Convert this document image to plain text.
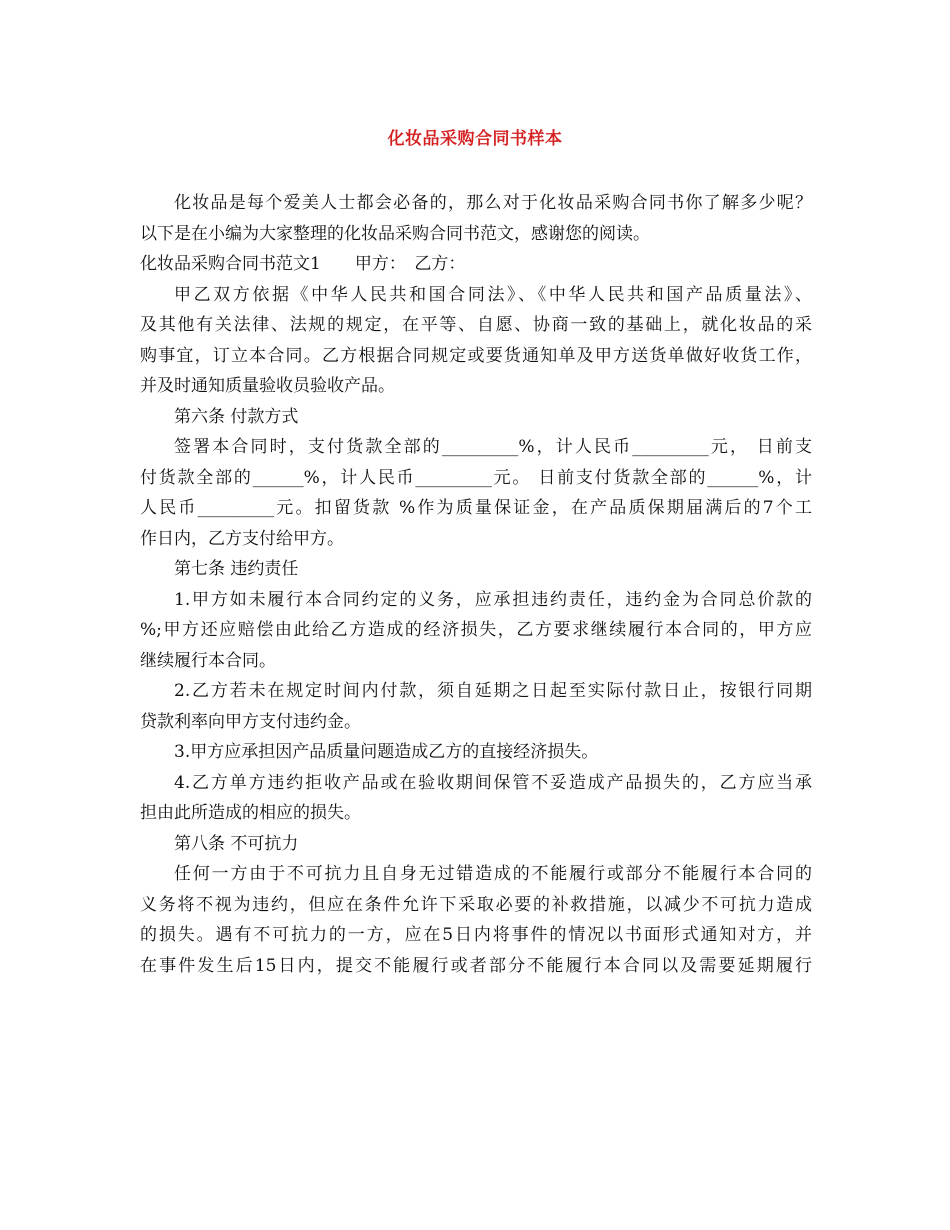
化妆品采购合同书样本
化妆品是每个爱美人士都会必备的，那么对于化妆品采购合同书你了解多少呢？
以下是在小编为大家整理的化妆品采购合同书范文，感谢您的阅读。
化妆品采购合同书范文1　　甲方：　乙方：
甲乙双方依据《中华人民共和国合同法》、《中华人民共和国产品质量法》、
及其他有关法律、法规的规定，在平等、自愿、协商一致的基础上，就化妆品的采
购事宜，订立本合同。乙方根据合同规定或要货通知单及甲方送货单做好收货工作，
并及时通知质量验收员验收产品。
第六条 付款方式
签署本合同时，支付货款全部的_________%，计人民币_________元， 日前支
付货款全部的______%，计人民币_________元。 日前支付货款全部的______%，计
人民币_________元。扣留货款 %作为质量保证金，在产品质保期届满后的7个工
作日内，乙方支付给甲方。
第七条 违约责任
1.甲方如未履行本合同约定的义务，应承担违约责任，违约金为合同总价款的
%;甲方还应赔偿由此给乙方造成的经济损失，乙方要求继续履行本合同的，甲方应
继续履行本合同。
2.乙方若未在规定时间内付款，须自延期之日起至实际付款日止，按银行同期
贷款利率向甲方支付违约金。
3.甲方应承担因产品质量问题造成乙方的直接经济损失。
4.乙方单方违约拒收产品或在验收期间保管不妥造成产品损失的，乙方应当承
担由此所造成的相应的损失。
第八条 不可抗力
任何一方由于不可抗力且自身无过错造成的不能履行或部分不能履行本合同的
义务将不视为违约，但应在条件允许下采取必要的补救措施，以减少不可抗力造成
的损失。遇有不可抗力的一方，应在5日内将事件的情况以书面形式通知对方，并
在事件发生后15日内，提交不能履行或者部分不能履行本合同以及需要延期履行
